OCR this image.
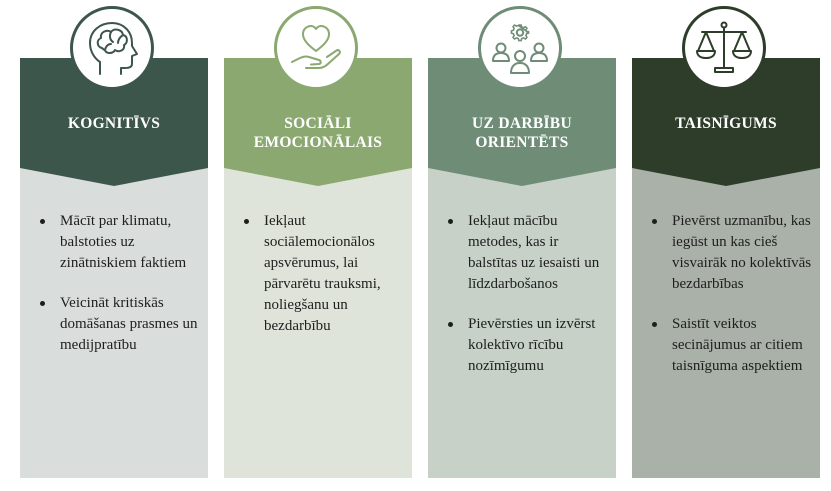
KOGNITĪVS
Mācīt par klimatu, balstoties uz zinātniskiem faktiem
Veicināt kritiskās domāšanas prasmes un medijpratību
SOCIĀLI
EMOCIONĀLAIS
Iekļaut sociālemocionālos apsvērumus, lai pārvarētu trauksmi, noliegšanu un bezdarbību
UZ DARBĪBU
ORIENTĒTS
Iekļaut mācību metodes, kas ir balstītas uz iesaisti un līdzdarbošanos
Pievērsties un izvērst kolektīvo rīcību nozīmīgumu
TAISNĪGUMS
Pievērst uzmanību, kas iegūst un kas cieš visvairāk no kolektīvās bezdarbības
Saistīt veiktos secinājumus ar citiem taisnīguma aspektiem
